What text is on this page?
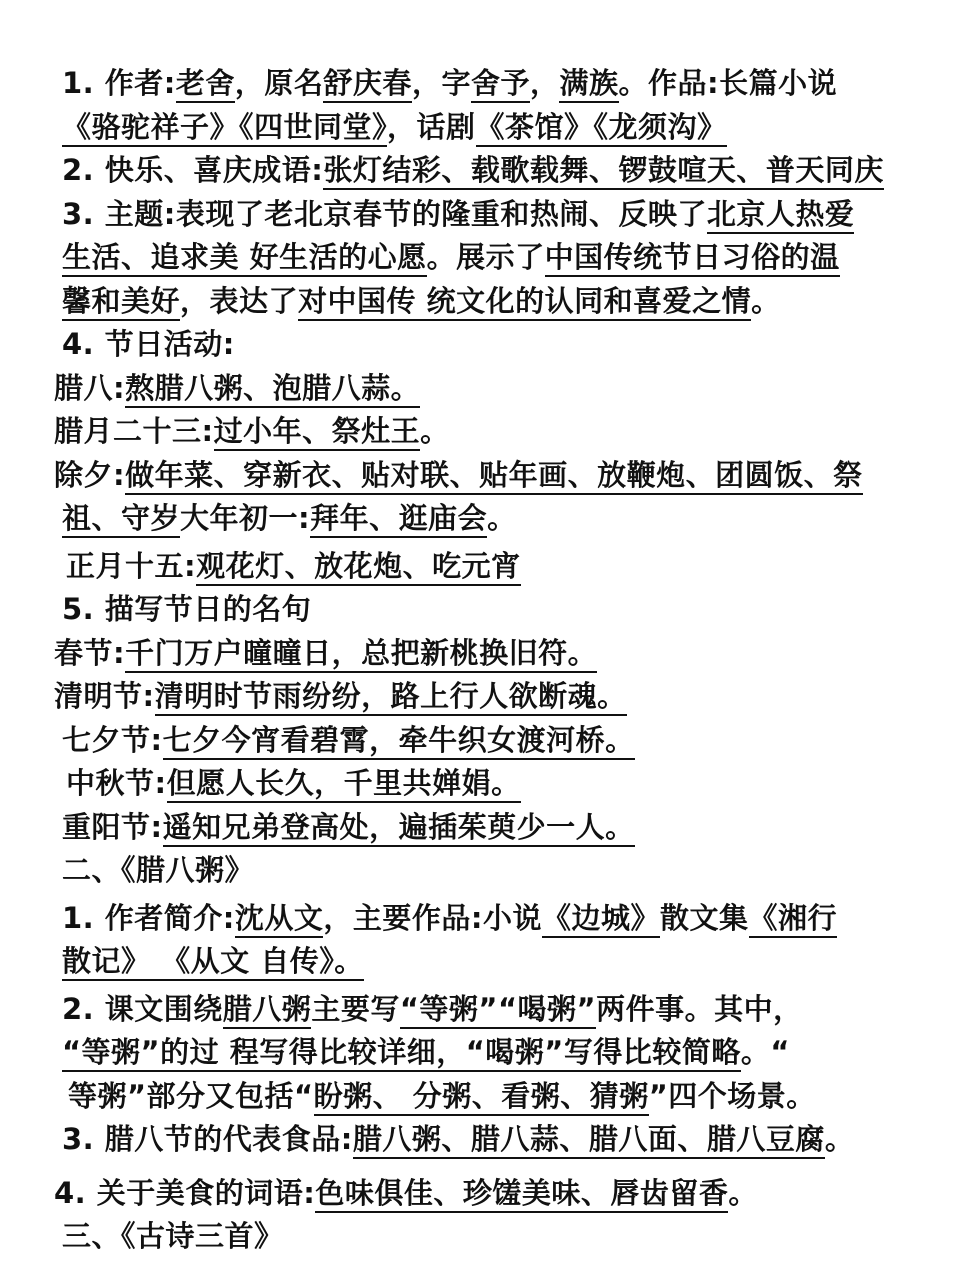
1. 作者:老舍，原名舒庆春，字舍予，满族。作品:长篇小说
《骆驼祥子》《四世同堂》，话剧《茶馆》《龙须沟》
2. 快乐、喜庆成语:张灯结彩、载歌载舞、锣鼓喧天、普天同庆
3. 主题:表现了老北京春节的隆重和热闹、反映了北京人热爱
生活、追求美 好生活的心愿。展示了中国传统节日习俗的温
馨和美好，表达了对中国传 统文化的认同和喜爱之情。
4. 节日活动:
腊八:熬腊八粥、泡腊八蒜。
腊月二十三:过小年、祭灶王。
除夕:做年菜、穿新衣、贴对联、贴年画、放鞭炮、团圆饭、祭
祖、守岁大年初一:拜年、逛庙会。
正月十五:观花灯、放花炮、吃元宵
5. 描写节日的名句
春节:千门万户曈曈日，总把新桃换旧符。
清明节:清明时节雨纷纷，路上行人欲断魂。
七夕节:七夕今宵看碧霄，牵牛织女渡河桥。
中秋节:但愿人长久，千里共婵娟。
重阳节:遥知兄弟登高处，遍插茱萸少一人。
二、《腊八粥》
1. 作者简介:沈从文，主要作品:小说《边城》散文集《湘行
散记》 《从文 自传》。
2. 课文围绕腊八粥主要写“等粥”“喝粥”两件事。其中，
“等粥”的过 程写得比较详细，“喝粥”写得比较简略。“
等粥”部分又包括“盼粥、 分粥、看粥、猜粥”四个场景。
3. 腊八节的代表食品:腊八粥、腊八蒜、腊八面、腊八豆腐。
4. 关于美食的词语:色味俱佳、珍馐美味、唇齿留香。
三、《古诗三首》
